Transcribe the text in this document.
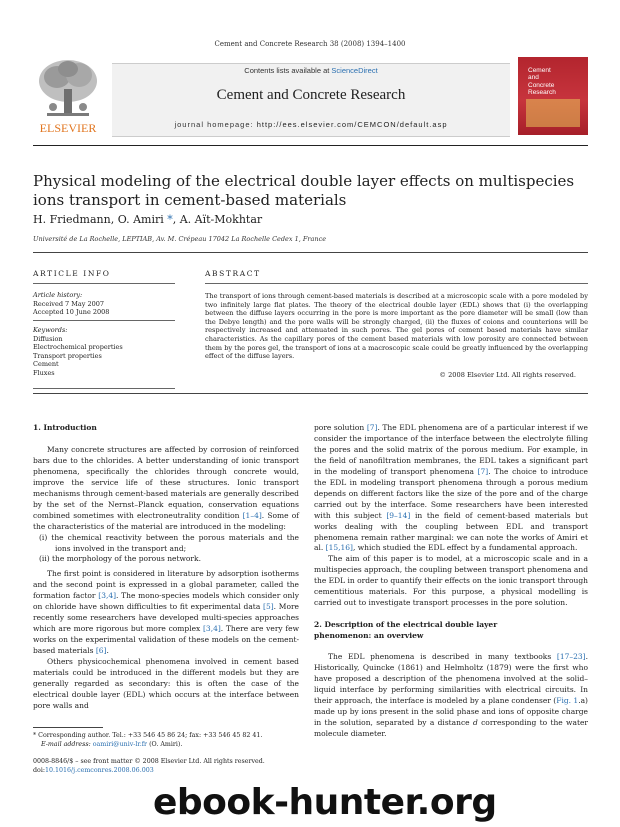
Cement and Concrete Research 38 (2008) 1394–1400
ELSEVIER
Contents lists available at ScienceDirect
Cement and Concrete Research
journal homepage: http://ees.elsevier.com/CEMCON/default.asp
Cement
and
Concrete
Research
Physical modeling of the electrical double layer effects on multispecies ions transport in cement-based materials
H. Friedmann, O. Amiri *, A. Aït-Mokhtar
Université de La Rochelle, LEPTIAB, Av. M. Crépeau 17042 La Rochelle Cedex 1, France
ARTICLE INFO	ABSTRACT
Article history:
Received 7 May 2007
Accepted 10 June 2008
Keywords:
Diffusion
Electrochemical properties
Transport properties
Cement
Fluxes
The transport of ions through cement-based materials is described at a microscopic scale with a pore modeled by two infinitely large flat plates. The theory of the electrical double layer (EDL) shows that (i) the overlapping between the diffuse layers occurring in the pore is more important as the pore diameter will be small (low than the Debye length) and the pore walls will be strongly charged, (ii) the fluxes of coions and counterions will be respectively increased and attenuated in such pores. The gel pores of cement based materials have similar characteristics. As the capillary pores of the cement based materials with low porosity are connected between them by the pores gel, the transport of ions at a macroscopic scale could be greatly influenced by the overlapping effect of the diffuse layers.
© 2008 Elsevier Ltd. All rights reserved.

1. Introduction

Many concrete structures are affected by corrosion of reinforced bars due to the chlorides. A better understanding of ionic transport phenomena, specifically the chlorides through concrete would, improve the service life of these structures. Ionic transport mechanisms through cement-based materials are generally described by the set of the Nernst–Planck equation, conservation equations combined sometimes with electroneutrality condition [1–4]. Some of the characteristics of the material are introduced in the modeling:

(i) the chemical reactivity between the porous materials and the ions involved in the transport and;

(ii) the morphology of the porous network.

The first point is considered in literature by adsorption isotherms and the second point is expressed in a global parameter, called the formation factor [3,4]. The mono-species models which consider only on chloride have shown difficulties to fit experimental data [5]. More recently some researchers have developed multi-species approaches which are more rigorous but more complex [3,4]. There are very few works on the experimental validation of these models on the cement-based materials [6].

Others physicochemical phenomena involved in cement based materials could be introduced in the different models but they are generally regarded as secondary: this is often the case of the electrical double layer (EDL) which occurs at the interface between pore walls and

pore solution [7]. The EDL phenomena are of a particular interest if we consider the importance of the interface between the electrolyte filling the pores and the solid matrix of the porous medium. For example, in the field of nanofiltration membranes, the EDL takes a significant part in the modeling of transport phenomena [7]. The choice to introduce the EDL in modeling transport phenomena through a porous medium depends on different factors like the size of the pore and of the charge carried out by the interface. Some researchers have been interested with this subject [9–14] in the field of cement-based materials but works dealing with the coupling between EDL and transport phenomena remain rather marginal: we can note the works of Amiri et al. [15,16], which studied the EDL effect by a fundamental approach.

The aim of this paper is to model, at a microscopic scale and in a multispecies approach, the coupling between transport phenomena and the EDL in order to quantify their effects on the ionic transport through cementitious materials. For this purpose, a physical modelling is carried out to investigate transport processes in the pore solution.

2. Description of the electrical double layer
phenomenon: an overview

The EDL phenomena is described in many textbooks [17–23]. Historically, Quincke (1861) and Helmholtz (1879) were the first who have proposed a description of the phenomena involved at the solid–liquid interface by performing similarities with electrical circuits. In their approach, the interface is modeled by a plane condenser (Fig. 1.a) made up by ions present in the solid phase and ions of opposite charge in the solution, separated by a distance d corresponding to the water molecule diameter.

* Corresponding author. Tel.: +33 546 45 86 24; fax: +33 546 45 82 41.
E-mail address: oamiri@univ-lr.fr (O. Amiri).
0008-8846/$ – see front matter © 2008 Elsevier Ltd. All rights reserved.
doi:10.1016/j.cemconres.2008.06.003
ebook-hunter.org
